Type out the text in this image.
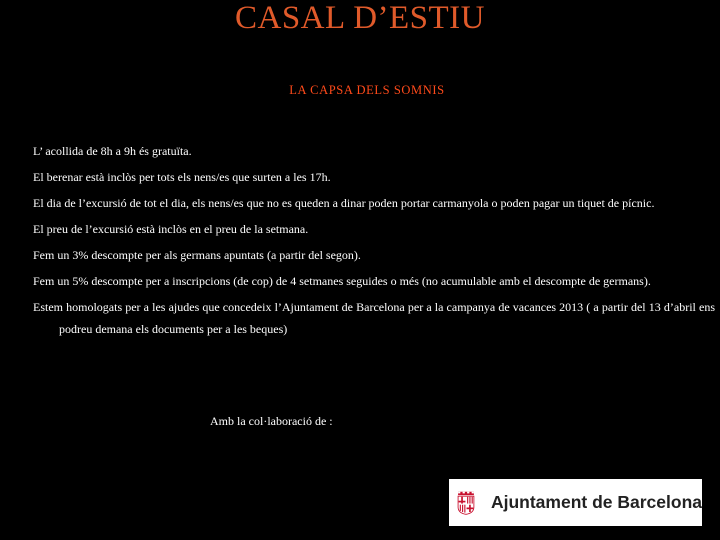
CASAL D’ESTIU
LA CAPSA DELS SOMNIS

L’ acollida de 8h a 9h és gratuïta.

El berenar està inclòs per tots els nens/es que surten a les 17h.

El dia de l’excursió de tot el dia, els nens/es que no es queden a dinar poden portar carmanyola o poden pagar un tiquet de pícnic.

El preu de l’excursió està inclòs en el preu de la setmana.

Fem un 3% descompte per als germans apuntats (a partir del segon).

Fem un 5% descompte per a inscripcions (de cop) de 4 setmanes seguides o més (no acumulable amb el descompte de germans).

Estem homologats per a les ajudes que concedeix l’Ajuntament de Barcelona per a la campanya de vacances 2013 ( a partir del 13 d’abril ens podreu demana els documents per a les beques)

Amb la col·laboració de :
Ajuntament de Barcelona
